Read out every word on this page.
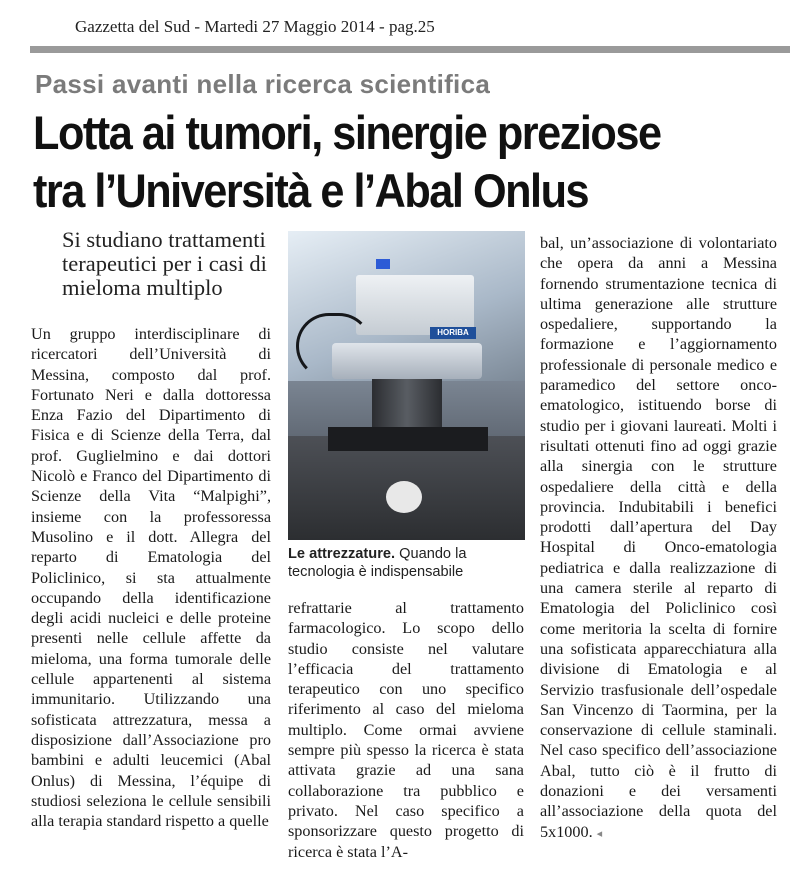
Gazzetta del Sud - Martedi 27 Maggio 2014 - pag.25
Passi avanti nella ricerca scientifica
Lotta ai tumori, sinergie preziose
tra l’Università e l’Abal Onlus
Si studiano trattamenti terapeutici per i casi di mieloma multiplo

Un gruppo interdisciplinare di ricercatori dell’Università di Messina, composto dal prof. Fortunato Neri e dalla dottoressa Enza Fazio del Dipartimento di Fisica e di Scienze della Terra, dal prof. Guglielmino e dai dottori Nicolò e Franco del Dipartimento di Scienze della Vita “Malpighi”, insieme con la professoressa Musolino e il dott. Allegra del reparto di Ematologia del Policlinico, si sta attualmente occupando della identificazione degli acidi nucleici e delle proteine presenti nelle cellule affette da mieloma, una forma tumorale delle cellule appartenenti al sistema immunitario. Utilizzando una sofisticata attrezzatura, messa a disposizione dall’Associazione pro bambini e adulti leucemici (Abal Onlus) di Messina, l’équipe di studiosi seleziona le cellule sensibili alla terapia standard rispetto a quelle

HORIBA
Le attrezzature. Quando la tecnologia è indispensabile

refrattarie al trattamento farmacologico. Lo scopo dello studio consiste nel valutare l’efficacia del trattamento terapeutico con uno specifico riferimento al caso del mieloma multiplo. Come ormai avviene sempre più spesso la ricerca è stata attivata grazie ad una sana collaborazione tra pubblico e privato. Nel caso specifico a sponsorizzare questo progetto di ricerca è stata l’A-

bal, un’associazione di volontariato che opera da anni a Messina fornendo strumentazione tecnica di ultima generazione alle strutture ospedaliere, supportando la formazione e l’aggiornamento professionale di personale medico e paramedico del settore onco-ematologico, istituendo borse di studio per i giovani laureati. Molti i risultati ottenuti fino ad oggi grazie alla sinergia con le strutture ospedaliere della città e della provincia. Indubitabili i benefici prodotti dall’apertura del Day Hospital di Onco-ematologia pediatrica e dalla realizzazione di una camera sterile al reparto di Ematologia del Policlinico così come meritoria la scelta di fornire una sofisticata apparecchiatura alla divisione di Ematologia e al Servizio trasfusionale dell’ospedale San Vincenzo di Taormina, per la conservazione di cellule staminali. Nel caso specifico dell’associazione Abal, tutto ciò è il frutto di donazioni e dei versamenti all’associazione della quota del 5x1000. ◂
